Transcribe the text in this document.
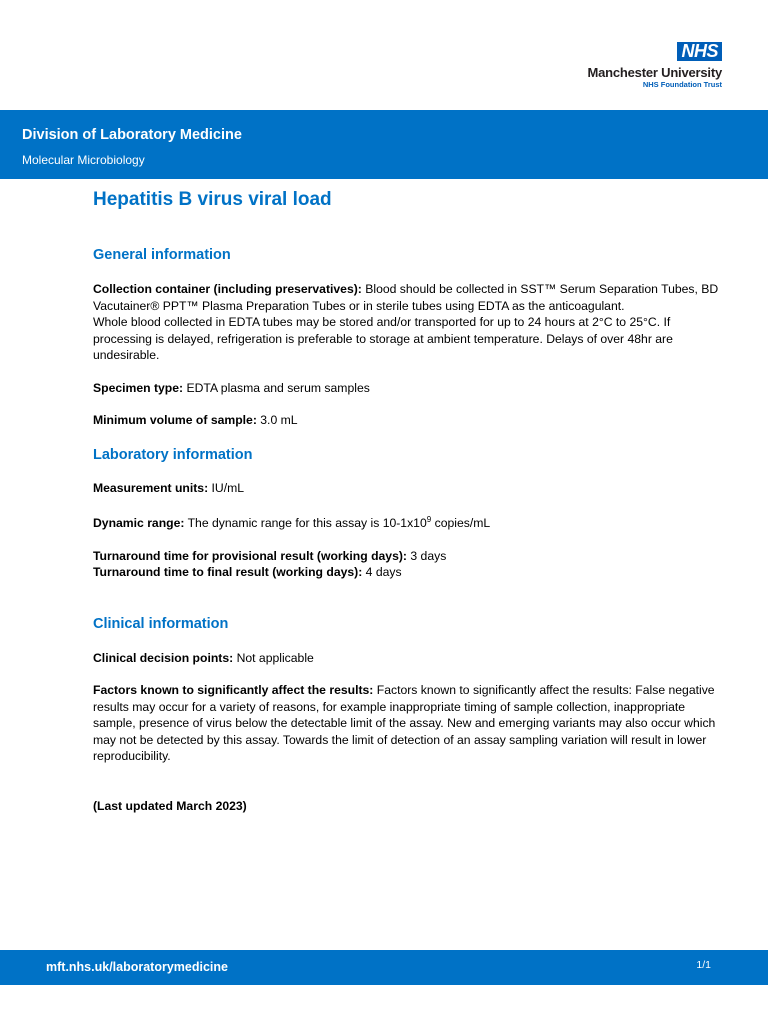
NHS
Manchester University
NHS Foundation Trust
Division of Laboratory Medicine
Molecular Microbiology
Hepatitis B virus viral load
General information

Collection container (including preservatives): Blood should be collected in SST™ Serum Separation Tubes, BD Vacutainer® PPT™ Plasma Preparation Tubes or in sterile tubes using EDTA as the anticoagulant.

Whole blood collected in EDTA tubes may be stored and/or transported for up to 24 hours at 2°C to 25°C. If processing is delayed, refrigeration is preferable to storage at ambient temperature. Delays of over 48hr are undesirable.

Specimen type: EDTA plasma and serum samples

Minimum volume of sample: 3.0 mL

Laboratory information

Measurement units: IU/mL

Dynamic range: The dynamic range for this assay is $10-1x10^9$ copies/mL

Turnaround time for provisional result (working days): 3 days

Turnaround time to final result (working days): 4 days

Clinical information

Clinical decision points: Not applicable

Factors known to significantly affect the results: Factors known to significantly affect the results: False negative results may occur for a variety of reasons, for example inappropriate timing of sample collection, inappropriate sample, presence of virus below the detectable limit of the assay. New and emerging variants may also occur which may not be detected by this assay. Towards the limit of detection of an assay sampling variation will result in lower reproducibility.

(Last updated March 2023)

mft.nhs.uk/laboratorymedicine	1/1
